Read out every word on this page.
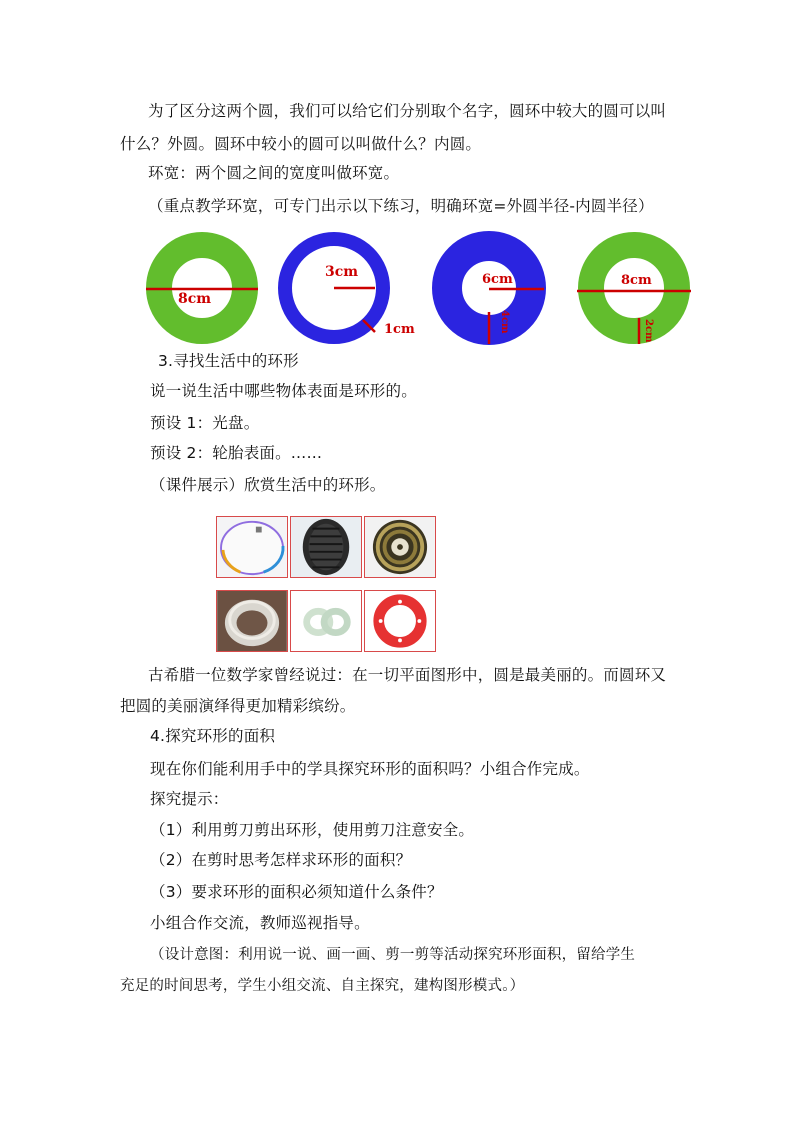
为了区分这两个圆，我们可以给它们分别取个名字，圆环中较大的圆可以叫
什么？外圆。圆环中较小的圆可以叫做什么？内圆。
环宽：两个圆之间的宽度叫做环宽。
（重点教学环宽，可专门出示以下练习，明确环宽=外圆半径-内圆半径）
8cm
3cm
1cm
6cm
4cm
8cm
2cm
3.寻找生活中的环形
说一说生活中哪些物体表面是环形的。
预设 1：光盘。
预设 2：轮胎表面。……
（课件展示）欣赏生活中的环形。
古希腊一位数学家曾经说过：在一切平面图形中，圆是最美丽的。而圆环又
把圆的美丽演绎得更加精彩缤纷。
4.探究环形的面积
现在你们能利用手中的学具探究环形的面积吗？小组合作完成。
探究提示：
（1）利用剪刀剪出环形，使用剪刀注意安全。
（2）在剪时思考怎样求环形的面积？
（3）要求环形的面积必须知道什么条件？
小组合作交流，教师巡视指导。
（设计意图：利用说一说、画一画、剪一剪等活动探究环形面积，留给学生
充足的时间思考，学生小组交流、自主探究，建构图形模式。）
